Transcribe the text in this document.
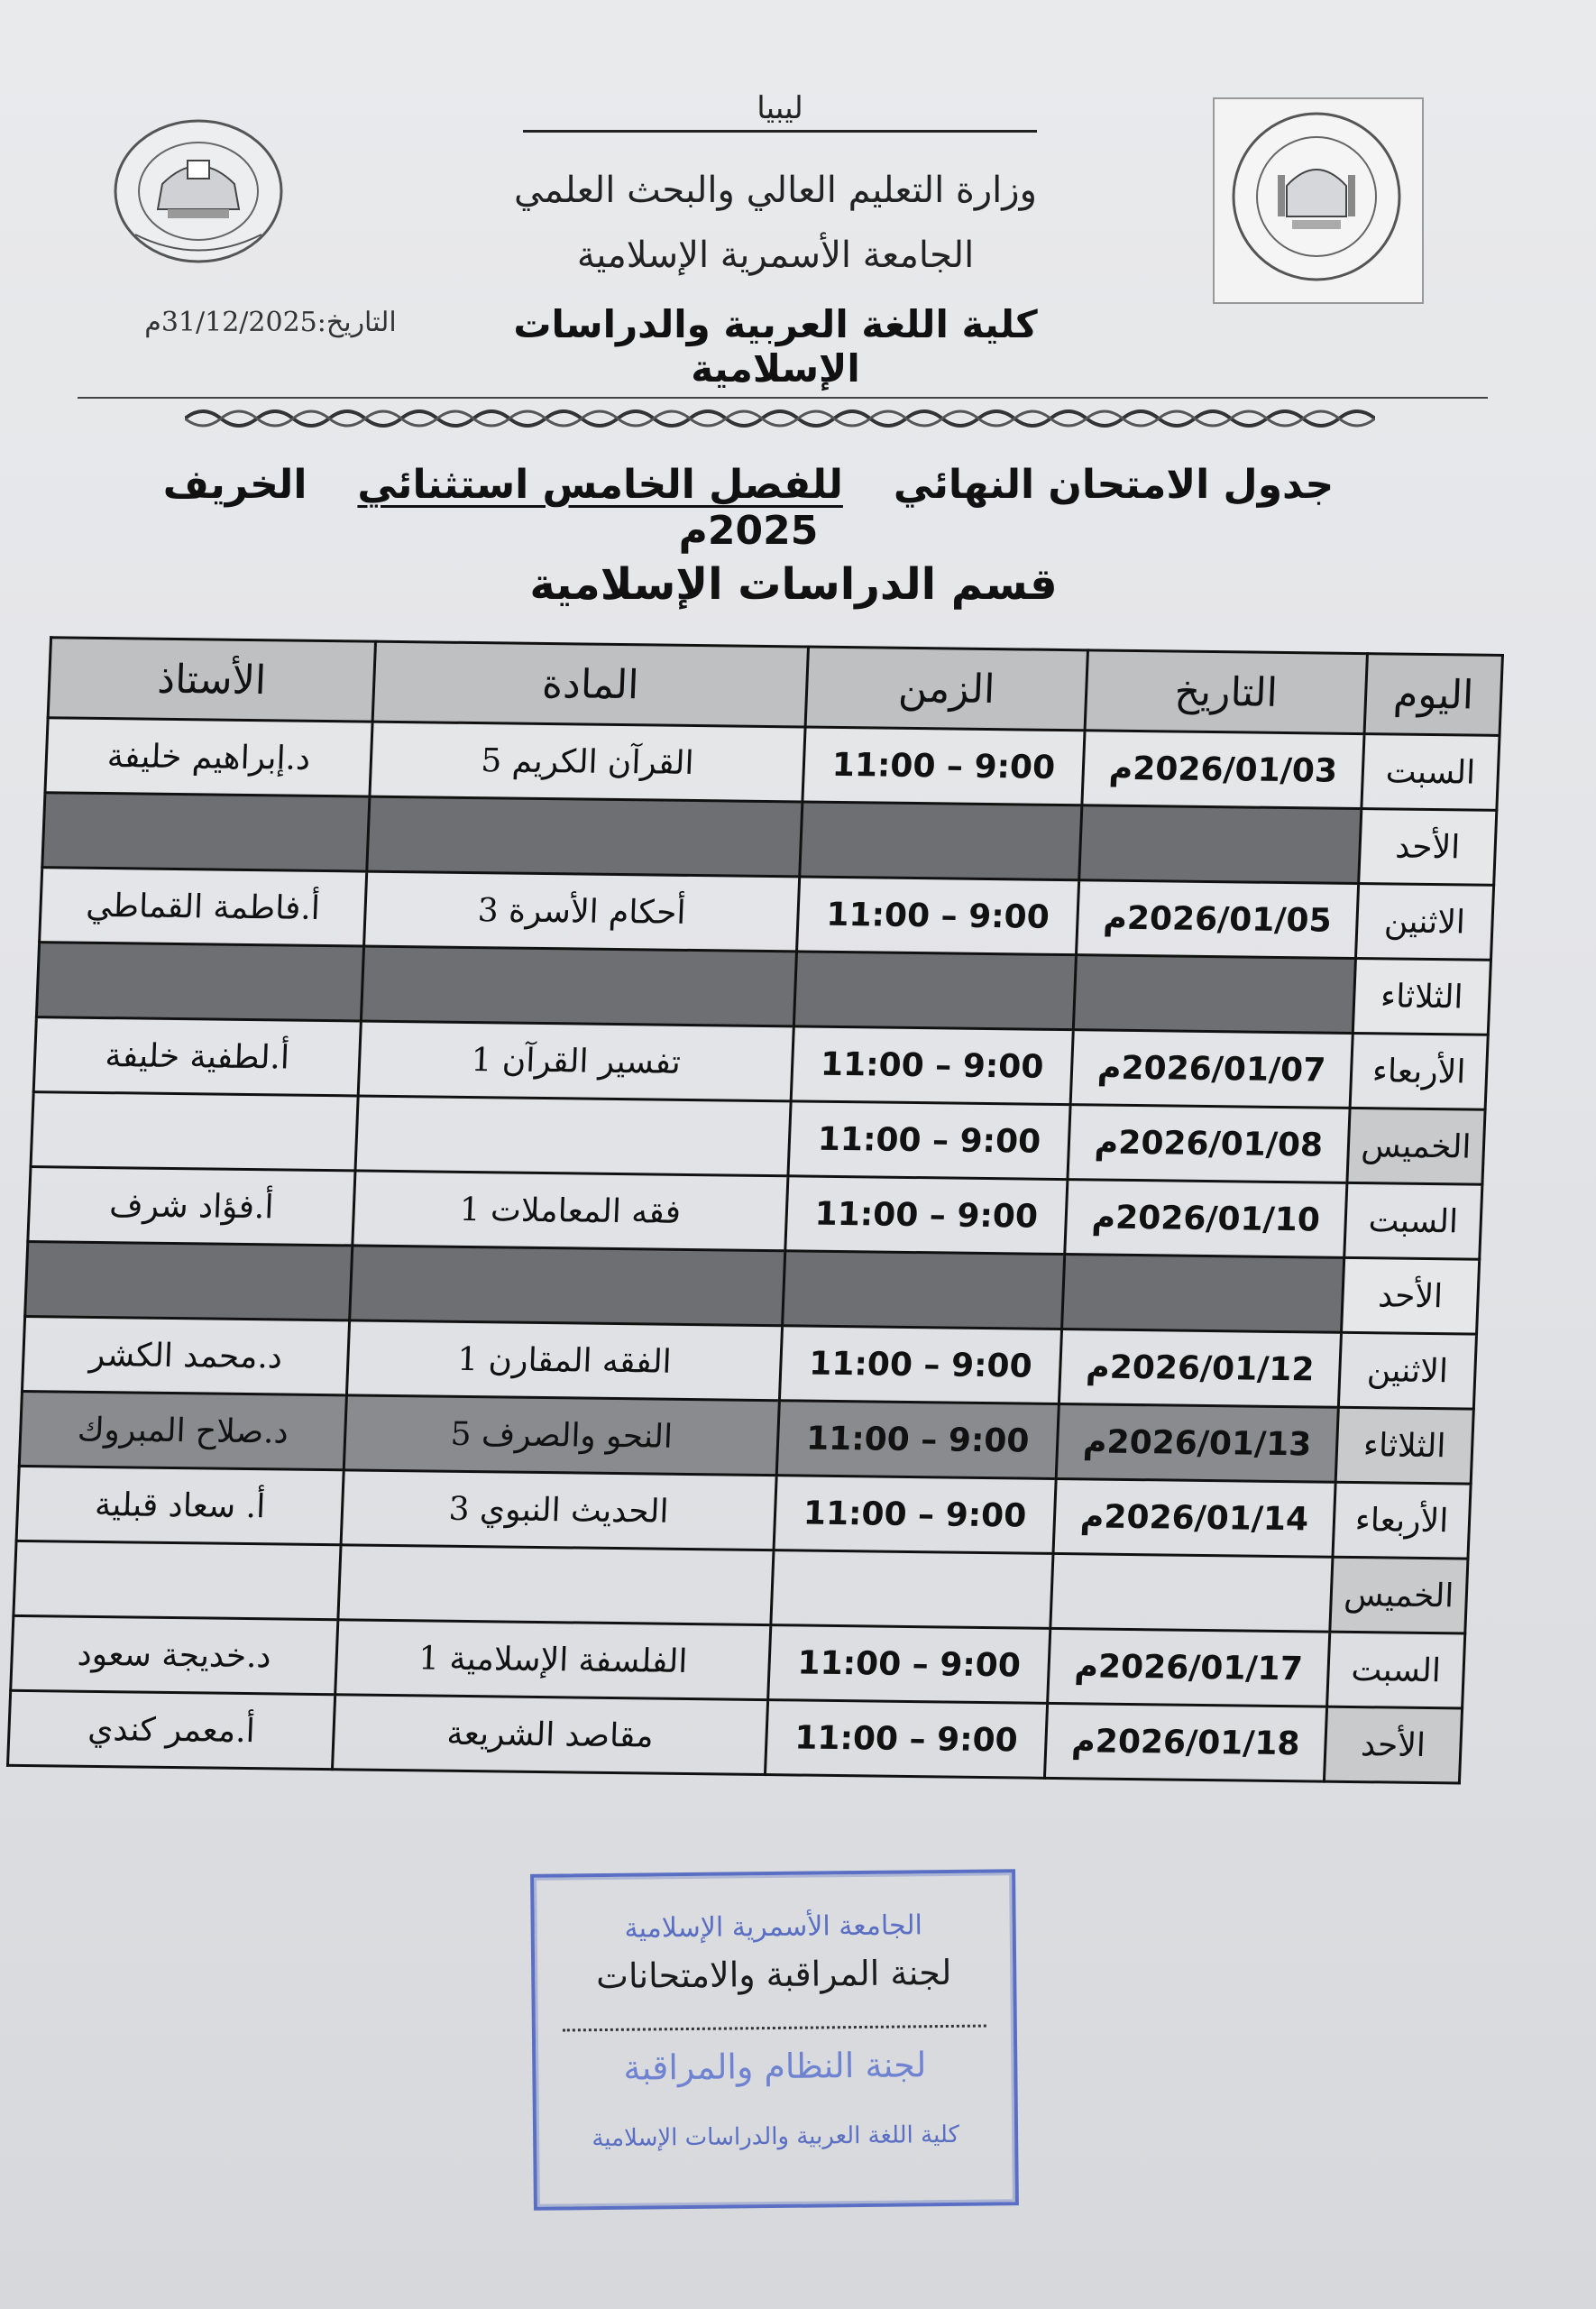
ليبيا
وزارة التعليم العالي والبحث العلمي
الجامعة الأسمرية الإسلامية
كلية اللغة العربية والدراسات الإسلامية
التاريخ:31/12/2025م
جدول الامتحان النهائيللفصل الخامس استثنائيالخريف 2025م
قسم الدراسات الإسلامية
اليوم	التاريخ	الزمن	المادة	الأستاذ
السبت	2026/01/03م	9:00 – 11:00	القرآن الكريم 5	د.إبراهيم خليفة
الأحد				
الاثنين	2026/01/05م	9:00 – 11:00	أحكام الأسرة 3	أ.فاطمة القماطي
الثلاثاء				
الأربعاء	2026/01/07م	9:00 – 11:00	تفسير القرآن 1	أ.لطفية خليفة
الخميس	2026/01/08م	9:00 – 11:00		
السبت	2026/01/10م	9:00 – 11:00	فقه المعاملات 1	أ.فؤاد شرف
الأحد				
الاثنين	2026/01/12م	9:00 – 11:00	الفقه المقارن 1	د.محمد الكشر
الثلاثاء	2026/01/13م	9:00 – 11:00	النحو والصرف 5	د.صلاح المبروك
الأربعاء	2026/01/14م	9:00 – 11:00	الحديث النبوي 3	أ. سعاد قبلية
الخميس				
السبت	2026/01/17م	9:00 – 11:00	الفلسفة الإسلامية 1	د.خديجة سعود
الأحد	2026/01/18م	9:00 – 11:00	مقاصد الشريعة	أ.معمر كندي
الجامعة الأسمرية الإسلامية
لجنة المراقبة والامتحانات
لجنة النظام والمراقبة
كلية اللغة العربية والدراسات الإسلامية
